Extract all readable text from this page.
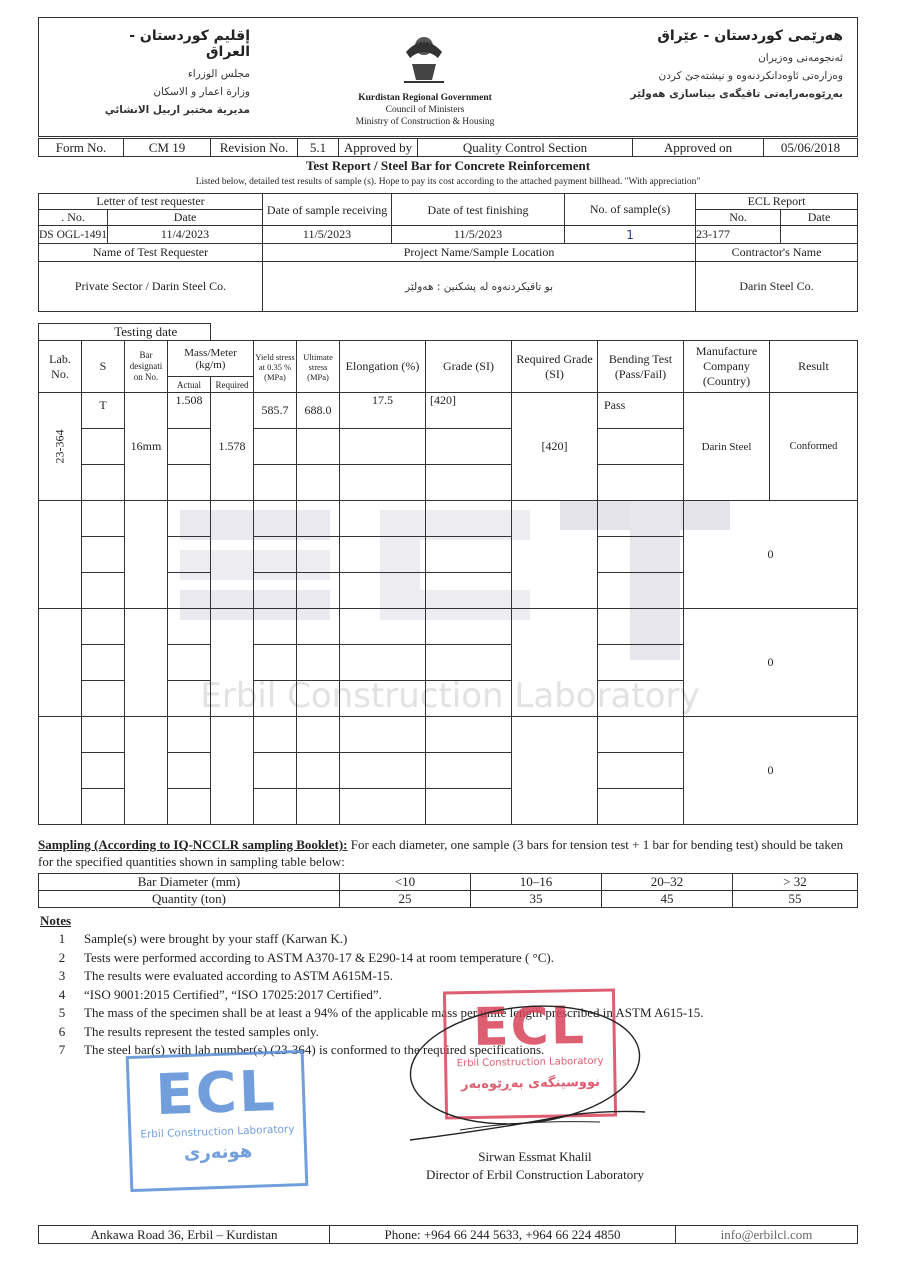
إقليم كوردستان - العراق
مجلس الوزراء
وزارة اعمار و الاسكان
مديرية مختبر اربيل الانشائي
هەرێمی کوردستان - عێراق
ئەنجومەنی وەزیران
وەزارەتی ئاوەدانکردنەوە و نیشتەجێ کردن
بەڕێوەبەرایەتی تاقیگەی بیناسازی هەولێر
Kurdistan Regional Government
Council of Ministers
Ministry of Construction & Housing
Form No.	CM 19	Revision No.	5.1	Approved by	Quality Control Section	Approved on	05/06/2018
Test Report / Steel Bar for Concrete Reinforcement
Listed below, detailed test results of sample (s). Hope to pay its cost according to the attached payment billhead. "With appreciation"
Letter of test requester		Date of sample receiving	Date of test finishing	No. of sample(s)	ECL Report	
. No.	Date				No.	Date
DS OGL-1491	11/4/2023	11/5/2023	11/5/2023	1	23-177	
Name of Test Requester		Project Name/Sample Location			Contractor's Name	
Private Sector / Darin Steel Co.		بو تاقیکردنەوە لە پشکنین : هەولێر			Darin Steel Co.	
Erbil Construction Laboratory
	Testing date											
Lab. No.	S	Bar designati on No.	Mass/Meter (kg/m)		Yield stress at 0.35 % (MPa)	Ultimate stress (MPa)	Elongation (%)	Grade (SI)	Required Grade (SI)	Bending Test (Pass/Fail)	Manufacture Company (Country)	Result
			Actual	Required								

23-364	T	16mm	1.508	1.578	585.7	688.0	17.5	[420]	[420]	Pass	Darin Steel	Conformed

											0	

											0	

											0	

Sampling (According to IQ-NCCLR sampling Booklet): For each diameter, one sample (3 bars for tension test + 1 bar for bending test) should be taken for the specified quantities shown in sampling table below:
Bar Diameter (mm)	<10	10–16	20–32	> 32
Quantity (ton)	25	35	45	55
Notes
1 Sample(s) were brought by your staff (Karwan K.)
2 Tests were performed according to ASTM A370-17 & E290-14 at room temperature ( °C).
3 The results were evaluated according to ASTM A615M-15.
4 “ISO 9001:2015 Certified”, “ISO 17025:2017 Certified”.
5 The mass of the specimen shall be at least a 94% of the applicable mass per unite length prescribed in ASTM A615-15.
6 The results represent the tested samples only.
7 The steel bar(s) with lab number(s) (23-364) is conformed to the required specifications.
ECL
Erbil Construction Laboratory
هونەری
ECL
Erbil Construction Laboratory
نووسینگەی بەڕێوەبەر
Sirwan Essmat Khalil
Director of Erbil Construction Laboratory
Ankawa Road 36, Erbil – Kurdistan	Phone: +964 66 244 5633, +964 66 224 4850	info@erbilcl.com
